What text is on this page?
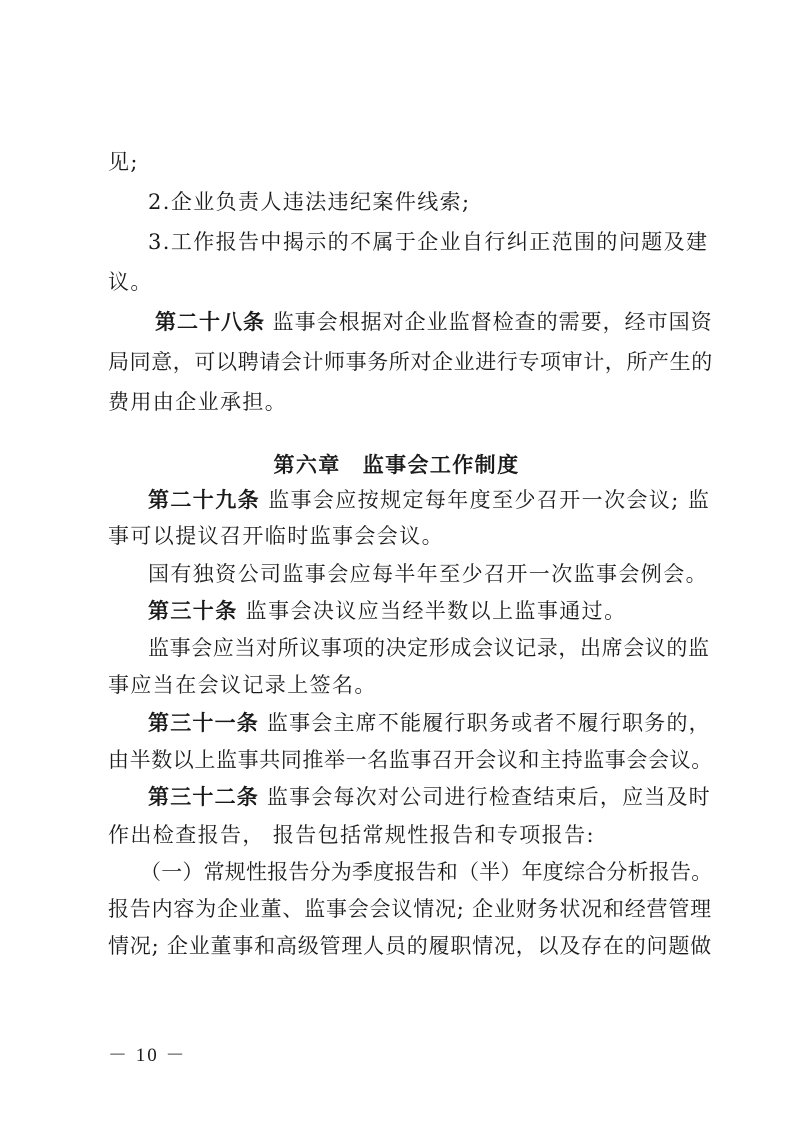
见;
2.企业负责人违法违纪案件线索;
3.工作报告中揭示的不属于企业自行纠正范围的问题及建
议。
第二十八条 监事会根据对企业监督检查的需要，经市国资
局同意，可以聘请会计师事务所对企业进行专项审计，所产生的
费用由企业承担。
第六章 监事会工作制度
第二十九条 监事会应按规定每年度至少召开一次会议; 监
事可以提议召开临时监事会会议。
国有独资公司监事会应每半年至少召开一次监事会例会。
第三十条 监事会决议应当经半数以上监事通过。
监事会应当对所议事项的决定形成会议记录，出席会议的监
事应当在会议记录上签名。
第三十一条 监事会主席不能履行职务或者不履行职务的，
由半数以上监事共同推举一名监事召开会议和主持监事会会议。
第三十二条 监事会每次对公司进行检查结束后，应当及时
作出检查报告， 报告包括常规性报告和专项报告:
（一）常规性报告分为季度报告和（半）年度综合分析报告。
报告内容为企业董、监事会会议情况; 企业财务状况和经营管理
情况; 企业董事和高级管理人员的履职情况，以及存在的问题做
－ 10 －
